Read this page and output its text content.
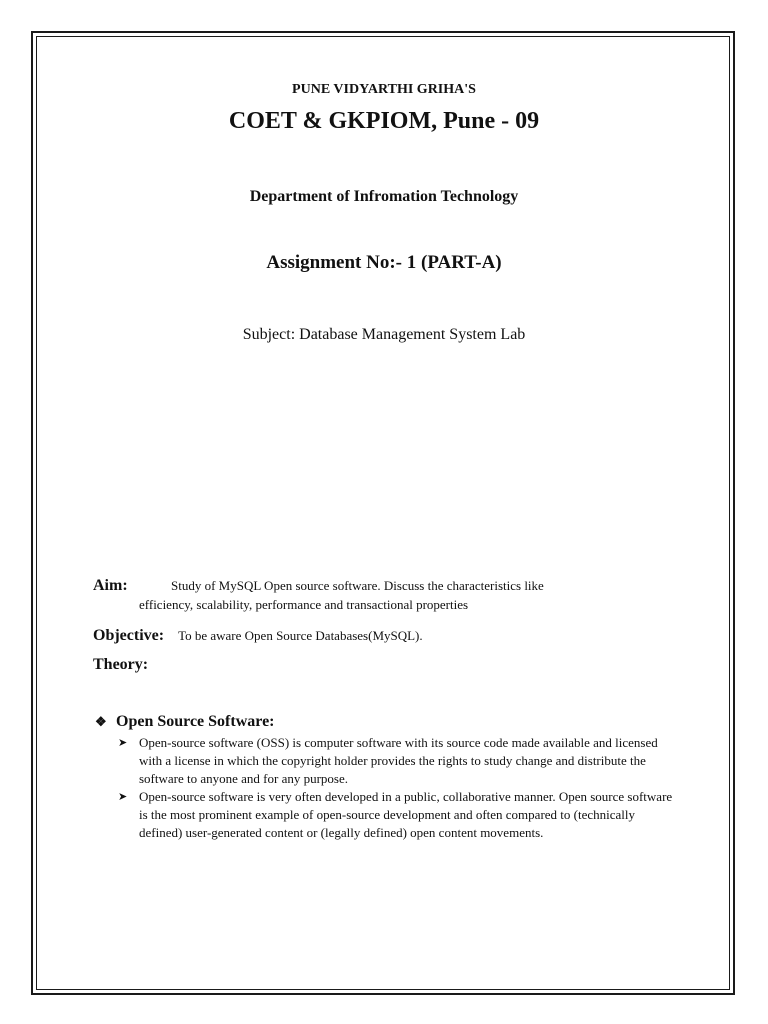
PUNE VIDYARTHI GRIHA'S
COET & GKPIOM, Pune - 09
Department of Infromation Technology
Assignment No:- 1 (PART-A)
Subject: Database Management System Lab
Aim:	Study of MySQL Open source software. Discuss the characteristics like
efficiency, scalability, performance and transactional properties
Objective: To be aware Open Source Databases(MySQL).
Theory:
❖ Open Source Software:
➤ Open-source software (OSS) is computer software with its source code made available and licensed with a license in which the copyright holder provides the rights to study change and distribute the software to anyone and for any purpose.
➤ Open-source software is very often developed in a public, collaborative manner. Open source software is the most prominent example of open-source development and often compared to (technically defined) user-generated content or (legally defined) open content movements.
